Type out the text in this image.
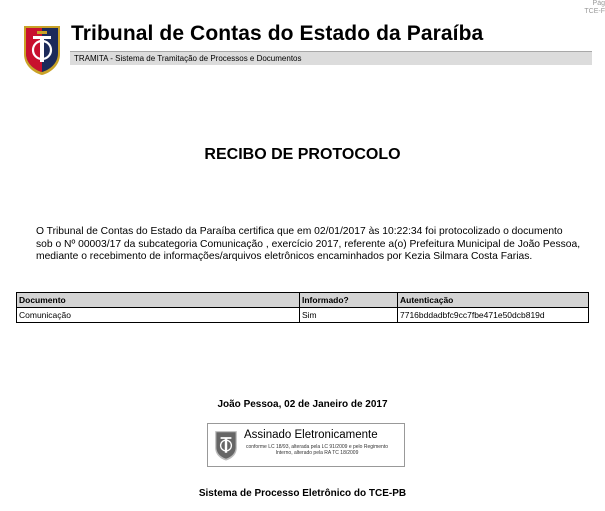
Pág
TCE-F
Tribunal de Contas do Estado da Paraíba
TRAMITA - Sistema de Tramitação de Processos e Documentos
RECIBO DE PROTOCOLO
O Tribunal de Contas do Estado da Paraíba certifica que em 02/01/2017 às 10:22:34 foi protocolizado o documento sob o Nº 00003/17 da subcategoria Comunicação , exercício 2017, referente a(o) Prefeitura Municipal de João Pessoa, mediante o recebimento de informações/arquivos eletrônicos encaminhados por Kezia Silmara Costa Farias.
Documento	Informado?	Autenticação
Comunicação	Sim	7716bddadbfc9cc7fbe471e50dcb819d
João Pessoa, 02 de Janeiro de 2017
Assinado Eletronicamente
conforme LC 18/93, alterada pela LC 91/2009 e pelo Regimento Interno, alterado pela RA TC 18/2009
Sistema de Processo Eletrônico do TCE-PB
